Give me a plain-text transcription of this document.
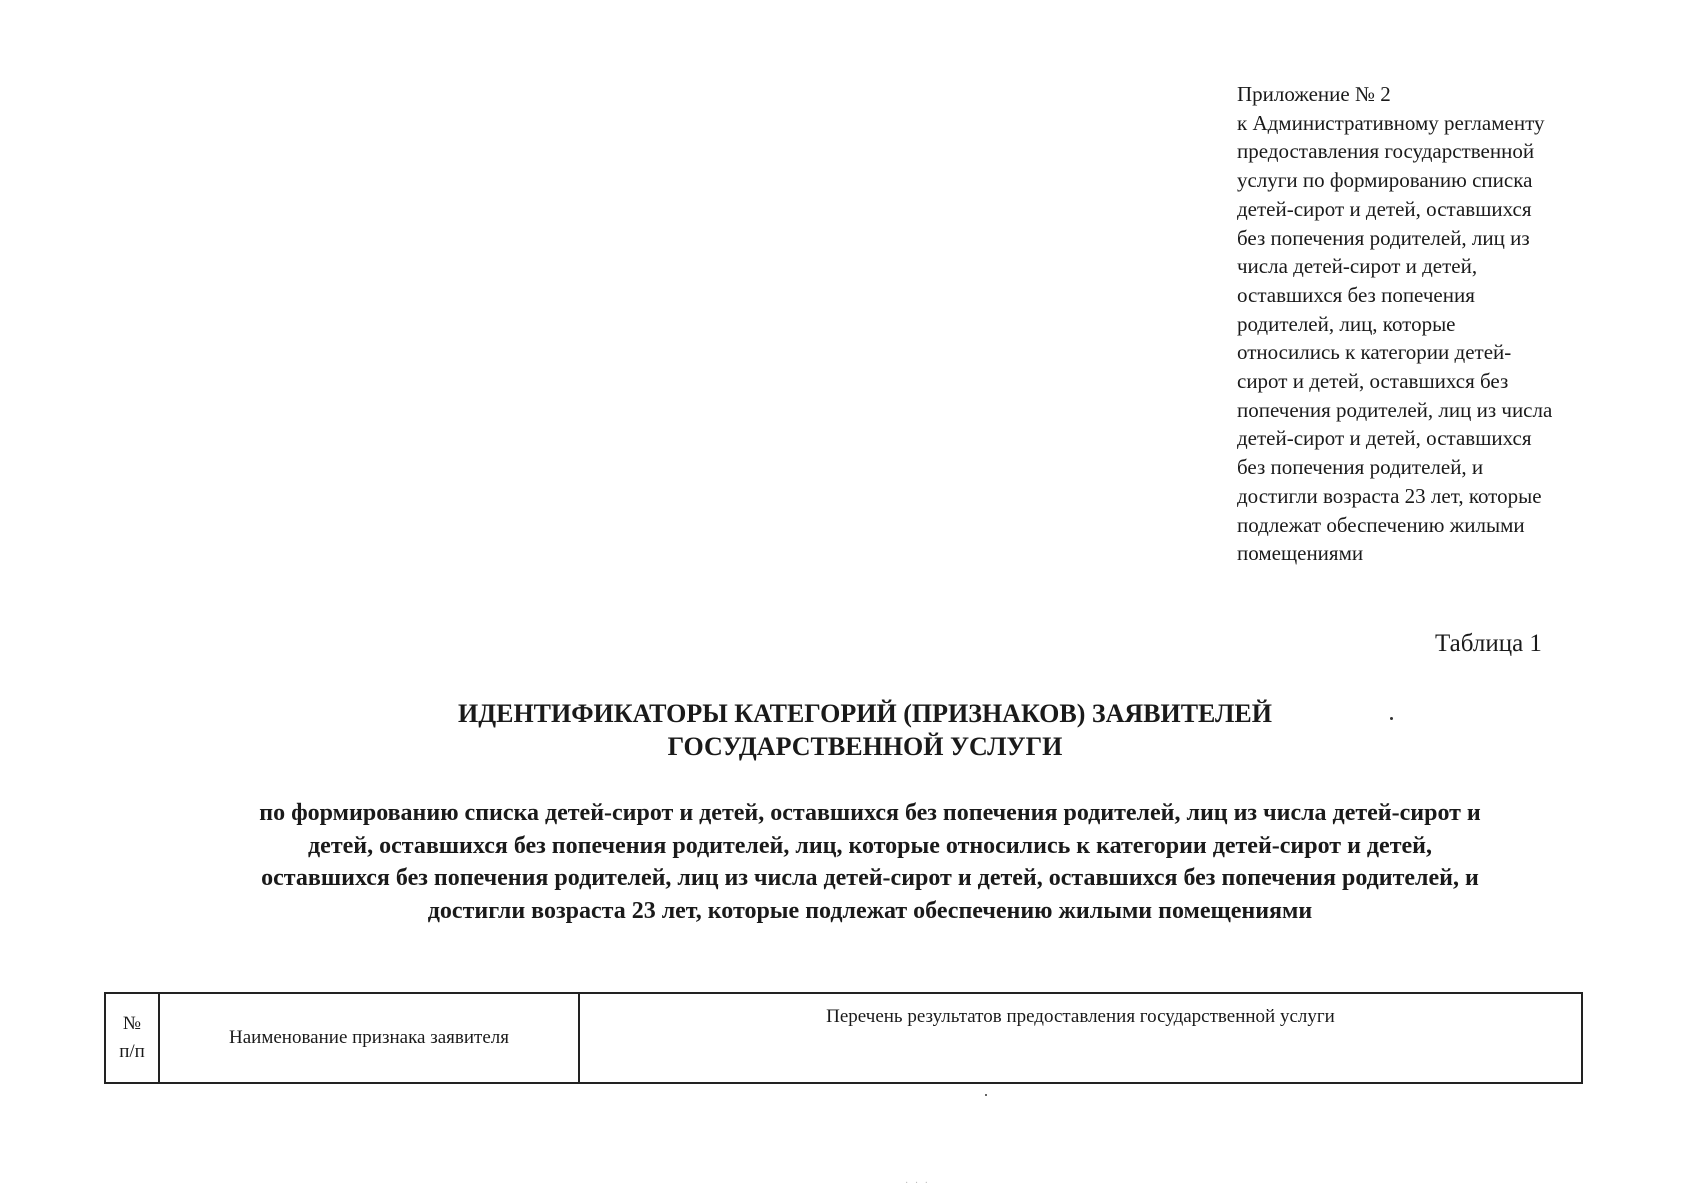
Приложение № 2
к Административному регламенту
предоставления государственной
услуги по формированию списка
детей-сирот и детей, оставшихся
без попечения родителей, лиц из
числа детей-сирот и детей,
оставшихся без попечения
родителей, лиц, которые
относились к категории детей-
сирот и детей, оставшихся без
попечения родителей, лиц из числа
детей-сирот и детей, оставшихся
без попечения родителей, и
достигли возраста 23 лет, которые
подлежат обеспечению жилыми
помещениями
Таблица 1
ИДЕНТИФИКАТОРЫ КАТЕГОРИЙ (ПРИЗНАКОВ) ЗАЯВИТЕЛЕЙ
ГОСУДАРСТВЕННОЙ УСЛУГИ
по формированию списка детей-сирот и детей, оставшихся без попечения родителей, лиц из числа детей-сирот и
детей, оставшихся без попечения родителей, лиц, которые относились к категории детей-сирот и детей,
оставшихся без попечения родителей, лиц из числа детей-сирот и детей, оставшихся без попечения родителей, и
достигли возраста 23 лет, которые подлежат обеспечению жилыми помещениями
№
п/п	Наименование признака заявителя	Перечень результатов предоставления государственной услуги
· · ·
